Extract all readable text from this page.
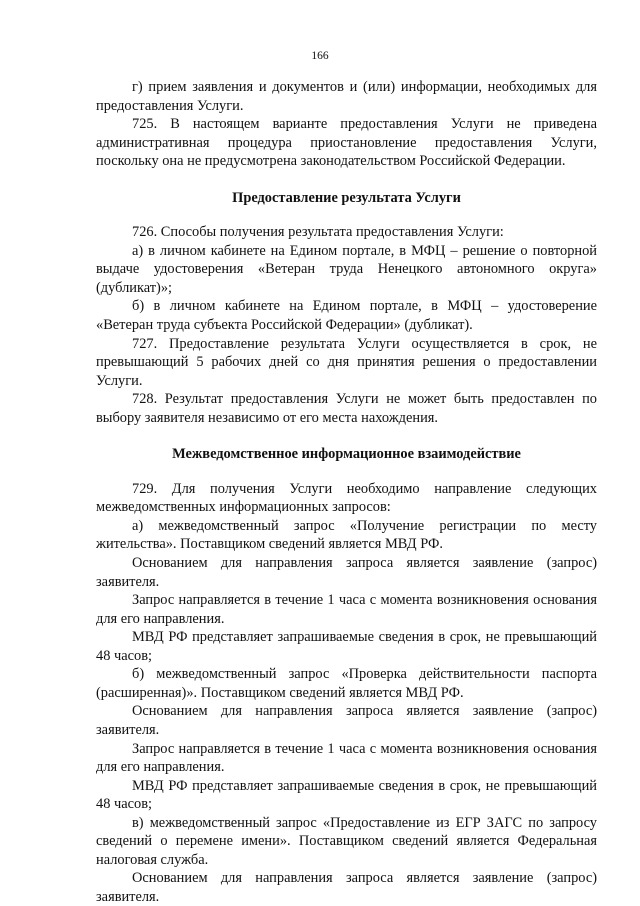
166

г) прием заявления и документов и (или) информации, необходимых для предоставления Услуги.

725. В настоящем варианте предоставления Услуги не приведена административная процедура приостановление предоставления Услуги, поскольку она не предусмотрена законодательством Российской Федерации.

Предоставление результата Услуги

726. Способы получения результата предоставления Услуги:

а) в личном кабинете на Едином портале, в МФЦ – решение о повторной выдаче удостоверения «Ветеран труда Ненецкого автономного округа» (дубликат)»;

б) в личном кабинете на Едином портале, в МФЦ – удостоверение «Ветеран труда субъекта Российской Федерации» (дубликат).

727. Предоставление результата Услуги осуществляется в срок, не превышающий 5 рабочих дней со дня принятия решения о предоставлении Услуги.

728. Результат предоставления Услуги не может быть предоставлен по выбору заявителя независимо от его места нахождения.

Межведомственное информационное взаимодействие

729. Для получения Услуги необходимо направление следующих межведомственных информационных запросов:

а) межведомственный запрос «Получение регистрации по месту жительства». Поставщиком сведений является МВД РФ.

Основанием для направления запроса является заявление (запрос) заявителя.

Запрос направляется в течение 1 часа с момента возникновения основания для его направления.

МВД РФ представляет запрашиваемые сведения в срок, не превышающий 48 часов;

б) межведомственный запрос «Проверка действительности паспорта (расширенная)». Поставщиком сведений является МВД РФ.

Основанием для направления запроса является заявление (запрос) заявителя.

Запрос направляется в течение 1 часа с момента возникновения основания для его направления.

МВД РФ представляет запрашиваемые сведения в срок, не превышающий 48 часов;

в) межведомственный запрос «Предоставление из ЕГР ЗАГС по запросу сведений о перемене имени». Поставщиком сведений является Федеральная налоговая служба.

Основанием для направления запроса является заявление (запрос) заявителя.
